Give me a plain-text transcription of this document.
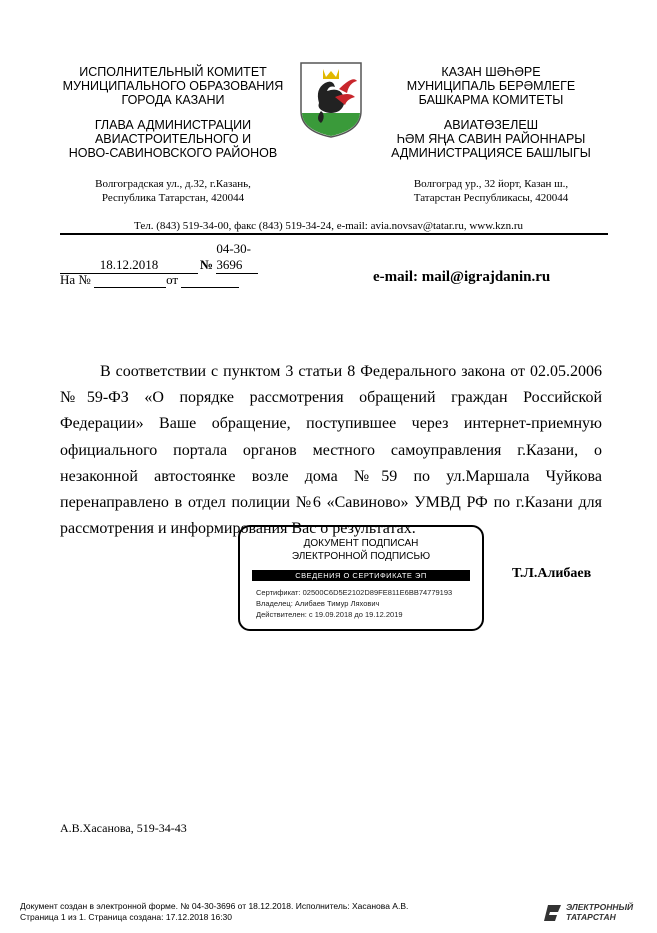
ИСПОЛНИТЕЛЬНЫЙ КОМИТЕТ
МУНИЦИПАЛЬНОГО ОБРАЗОВАНИЯ
ГОРОДА КАЗАНИ
ГЛАВА АДМИНИСТРАЦИИ
АВИАСТРОИТЕЛЬНОГО И
НОВО-САВИНОВСКОГО РАЙОНОВ
Волгоградская ул., д.32, г.Казань,
Республика Татарстан, 420044
КАЗАН ШӘҺӘРЕ
МУНИЦИПАЛЬ БЕРӘМЛЕГЕ
БАШКАРМА КОМИТЕТЫ
АВИАТӨЗЕЛЕШ
ҺӘМ ЯҢА САВИН РАЙОННАРЫ
АДМИНИСТРАЦИЯСЕ БАШЛЫГЫ
Волгоград ур., 32 йорт, Казан ш.,
Татарстан Республикасы, 420044
Тел. (843) 519-34-00, факс (843) 519-34-24, e-mail: avia.novsav@tatar.ru, www.kzn.ru
18.12.2018	№ 04-30-3696
На №	от	e-mail: mail@igrajdanin.ru
В соответствии с пунктом 3 статьи 8 Федерального закона от 02.05.2006 №59-ФЗ «О порядке рассмотрения обращений граждан Российской Федерации» Ваше обращение, поступившее через интернет-приемную официального портала органов местного самоуправления г.Казани, о незаконной автостоянке возле дома №59 по ул.Маршала Чуйкова перенаправлено в отдел полиции №6 «Савиново» УМВД РФ по г.Казани для рассмотрения и информирования Вас о результатах.
ДОКУМЕНТ ПОДПИСАН
ЭЛЕКТРОННОЙ ПОДПИСЬЮ
СВЕДЕНИЯ О СЕРТИФИКАТЕ ЭП
Сертификат: 02500C6D5E2102D89FE811E6BB74779193
Владелец: Алибаев Тимур Ляхович
Действителен: с 19.09.2018 до 19.12.2019
Т.Л.Алибаев
А.В.Хасанова, 519-34-43
Документ создан в электронной форме. № 04-30-3696 от 18.12.2018. Исполнитель: Хасанова А.В.
Страница 1 из 1. Страница создана: 17.12.2018 16:30
ЭЛЕКТРОННЫЙ
ТАТАРСТАН
